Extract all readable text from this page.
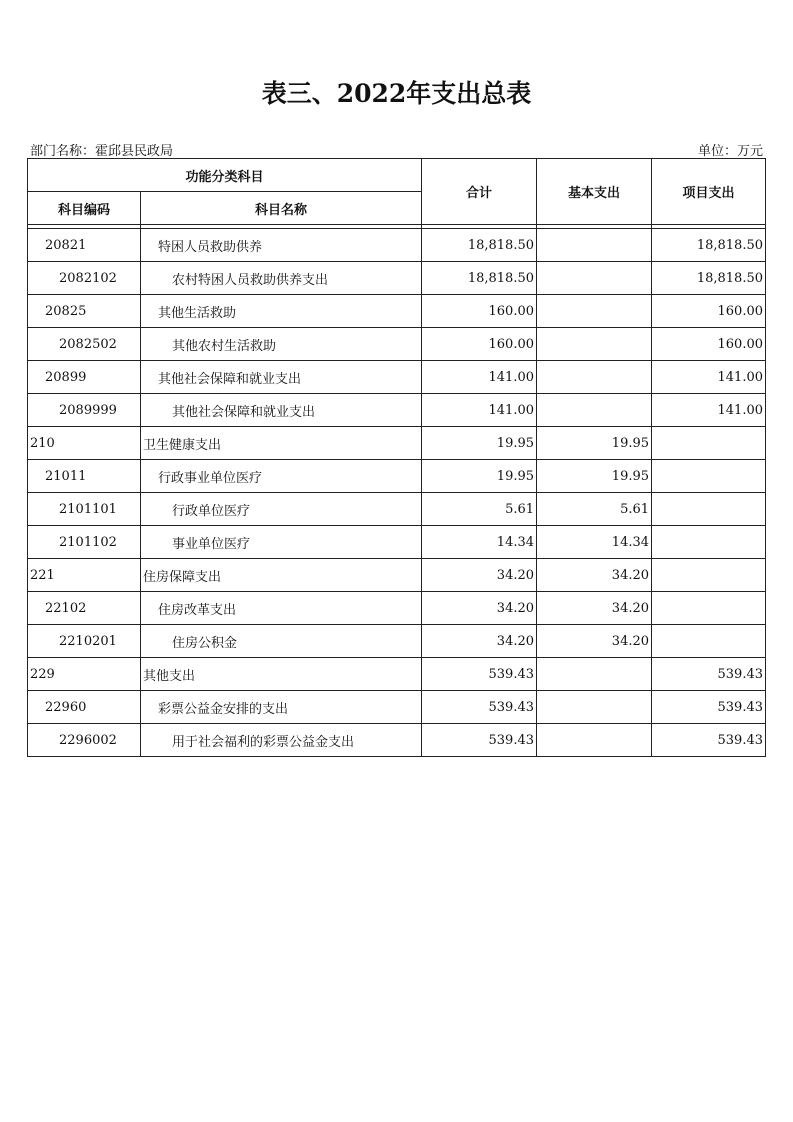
表三、2022年支出总表
部门名称：霍邱县民政局	单位：万元
功能分类科目		合计	基本支出	项目支出
科目编码	科目名称			

20821	特困人员救助供养	18,818.50		18,818.50
2082102	农村特困人员救助供养支出	18,818.50		18,818.50
20825	其他生活救助	160.00		160.00
2082502	其他农村生活救助	160.00		160.00
20899	其他社会保障和就业支出	141.00		141.00
2089999	其他社会保障和就业支出	141.00		141.00
210	卫生健康支出	19.95	19.95	
21011	行政事业单位医疗	19.95	19.95	
2101101	行政单位医疗	5.61	5.61	
2101102	事业单位医疗	14.34	14.34	
221	住房保障支出	34.20	34.20	
22102	住房改革支出	34.20	34.20	
2210201	住房公积金	34.20	34.20	
229	其他支出	539.43		539.43
22960	彩票公益金安排的支出	539.43		539.43
2296002	用于社会福利的彩票公益金支出	539.43		539.43
